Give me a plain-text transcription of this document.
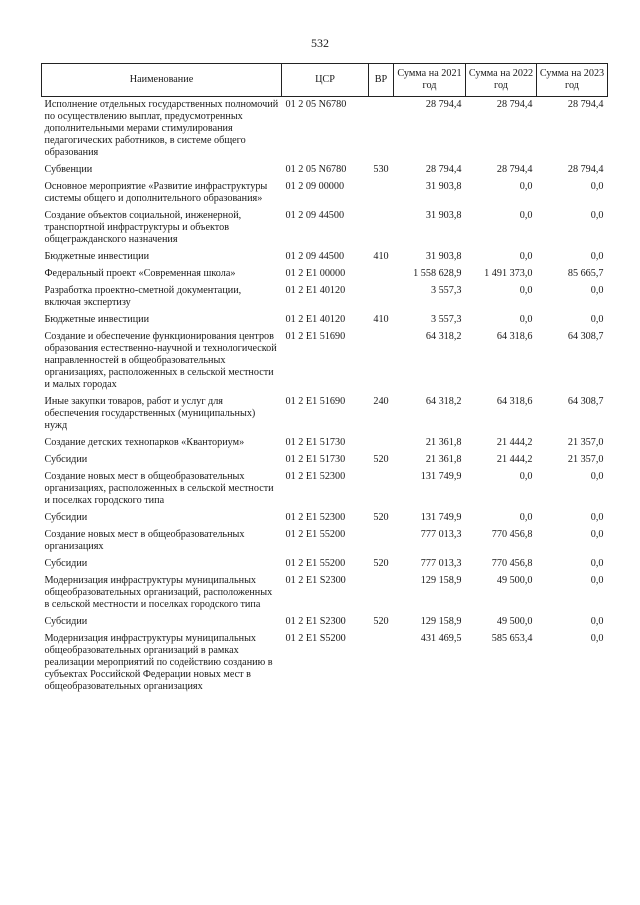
532
Наименование	ЦСР	ВР	Сумма на 2021 год	Сумма на 2022 год	Сумма на 2023 год
Исполнение отдельных государственных полномочий по осуществлению выплат, предусмотренных дополнительными мерами стимулирования педагогических работников, в системе общего образования	01 2 05 N6780		28 794,4	28 794,4	28 794,4
Субвенции	01 2 05 N6780	530	28 794,4	28 794,4	28 794,4
Основное мероприятие «Развитие инфраструктуры системы общего и дополнительного образования»	01 2 09 00000		31 903,8	0,0	0,0
Создание объектов социальной, инженерной, транспортной инфраструктуры и объектов общегражданского назначения	01 2 09 44500		31 903,8	0,0	0,0
Бюджетные инвестиции	01 2 09 44500	410	31 903,8	0,0	0,0
Федеральный проект «Современная школа»	01 2 E1 00000		1 558 628,9	1 491 373,0	85 665,7
Разработка проектно-сметной документации, включая экспертизу	01 2 E1 40120		3 557,3	0,0	0,0
Бюджетные инвестиции	01 2 E1 40120	410	3 557,3	0,0	0,0
Создание и обеспечение функционирования центров образования естественно-научной и технологической направленностей в общеобразовательных организациях, расположенных в сельской местности и малых городах	01 2 E1 51690		64 318,2	64 318,6	64 308,7
Иные закупки товаров, работ и услуг для обеспечения государственных (муниципальных) нужд	01 2 E1 51690	240	64 318,2	64 318,6	64 308,7
Создание детских технопарков «Кванториум»	01 2 E1 51730		21 361,8	21 444,2	21 357,0
Субсидии	01 2 E1 51730	520	21 361,8	21 444,2	21 357,0
Создание новых мест в общеобразовательных организациях, расположенных в сельской местности и поселках городского типа	01 2 E1 52300		131 749,9	0,0	0,0
Субсидии	01 2 E1 52300	520	131 749,9	0,0	0,0
Создание новых мест в общеобразовательных организациях	01 2 E1 55200		777 013,3	770 456,8	0,0
Субсидии	01 2 E1 55200	520	777 013,3	770 456,8	0,0
Модернизация инфраструктуры муниципальных общеобразовательных организаций, расположенных в сельской местности и поселках городского типа	01 2 E1 S2300		129 158,9	49 500,0	0,0
Субсидии	01 2 E1 S2300	520	129 158,9	49 500,0	0,0
Модернизация инфраструктуры муниципальных общеобразовательных организаций в рамках реализации мероприятий по содействию созданию в субъектах Российской Федерации новых мест в общеобразовательных организациях	01 2 E1 S5200		431 469,5	585 653,4	0,0
